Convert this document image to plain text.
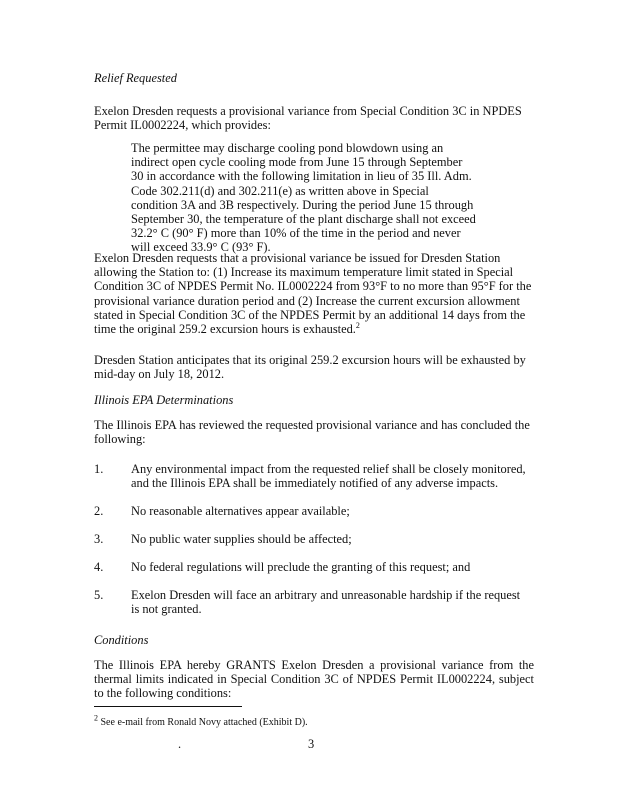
Relief Requested
Exelon Dresden requests a provisional variance from Special Condition 3C in NPDES Permit IL0002224, which provides:
The permittee may discharge cooling pond blowdown using an indirect open cycle cooling mode from June 15 through September 30 in accordance with the following limitation in lieu of 35 Ill. Adm. Code 302.211(d) and 302.211(e) as written above in Special condition 3A and 3B respectively. During the period June 15 through September 30, the temperature of the plant discharge shall not exceed 32.2° C (90° F) more than 10% of the time in the period and never will exceed 33.9° C (93° F).
Exelon Dresden requests that a provisional variance be issued for Dresden Station allowing the Station to: (1) Increase its maximum temperature limit stated in Special Condition 3C of NPDES Permit No. IL0002224 from 93°F to no more than 95°F for the provisional variance duration period and (2) Increase the current excursion allowment stated in Special Condition 3C of the NPDES Permit by an additional 14 days from the time the original 259.2 excursion hours is exhausted.$^2$
Dresden Station anticipates that its original 259.2 excursion hours will be exhausted by mid-day on July 18, 2012.
Illinois EPA Determinations
The Illinois EPA has reviewed the requested provisional variance and has concluded the following:
1. Any environmental impact from the requested relief shall be closely monitored, and the Illinois EPA shall be immediately notified of any adverse impacts.
2. No reasonable alternatives appear available;
3. No public water supplies should be affected;
4. No federal regulations will preclude the granting of this request; and
5. Exelon Dresden will face an arbitrary and unreasonable hardship if the request is not granted.
Conditions
The Illinois EPA hereby GRANTS Exelon Dresden a provisional variance from the thermal limits indicated in Special Condition 3C of NPDES Permit IL0002224, subject to the following conditions:
$^2$ See e-mail from Ronald Novy attached (Exhibit D).
.	3
